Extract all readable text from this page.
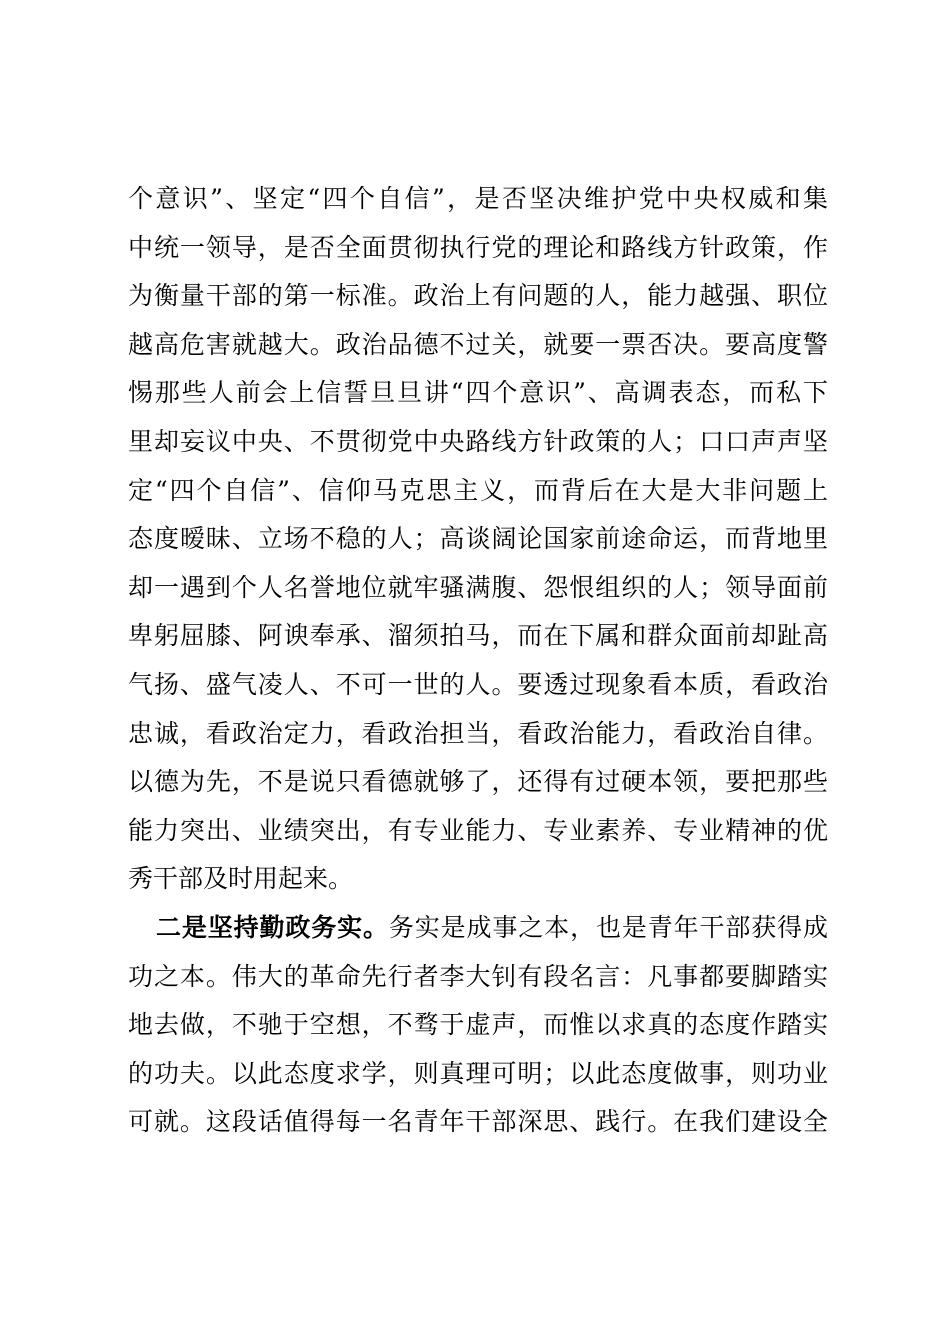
个意识”、坚定“四个自信”，是否坚决维护党中央权威和集
中统一领导，是否全面贯彻执行党的理论和路线方针政策，作
为衡量干部的第一标准。政治上有问题的人，能力越强、职位
越高危害就越大。政治品德不过关，就要一票否决。要高度警
惕那些人前会上信誓旦旦讲“四个意识”、高调表态，而私下
里却妄议中央、不贯彻党中央路线方针政策的人；口口声声坚
定“四个自信”、信仰马克思主义，而背后在大是大非问题上
态度暧昧、立场不稳的人；高谈阔论国家前途命运，而背地里
却一遇到个人名誉地位就牢骚满腹、怨恨组织的人；领导面前
卑躬屈膝、阿谀奉承、溜须拍马，而在下属和群众面前却趾高
气扬、盛气凌人、不可一世的人。要透过现象看本质，看政治
忠诚，看政治定力，看政治担当，看政治能力，看政治自律。
以德为先，不是说只看德就够了，还得有过硬本领，要把那些
能力突出、业绩突出，有专业能力、专业素养、专业精神的优
秀干部及时用起来。
二是坚持勤政务实。务实是成事之本，也是青年干部获得成
功之本。伟大的革命先行者李大钊有段名言：凡事都要脚踏实
地去做，不驰于空想，不骛于虚声，而惟以求真的态度作踏实
的功夫。以此态度求学，则真理可明；以此态度做事，则功业
可就。这段话值得每一名青年干部深思、践行。在我们建设全
